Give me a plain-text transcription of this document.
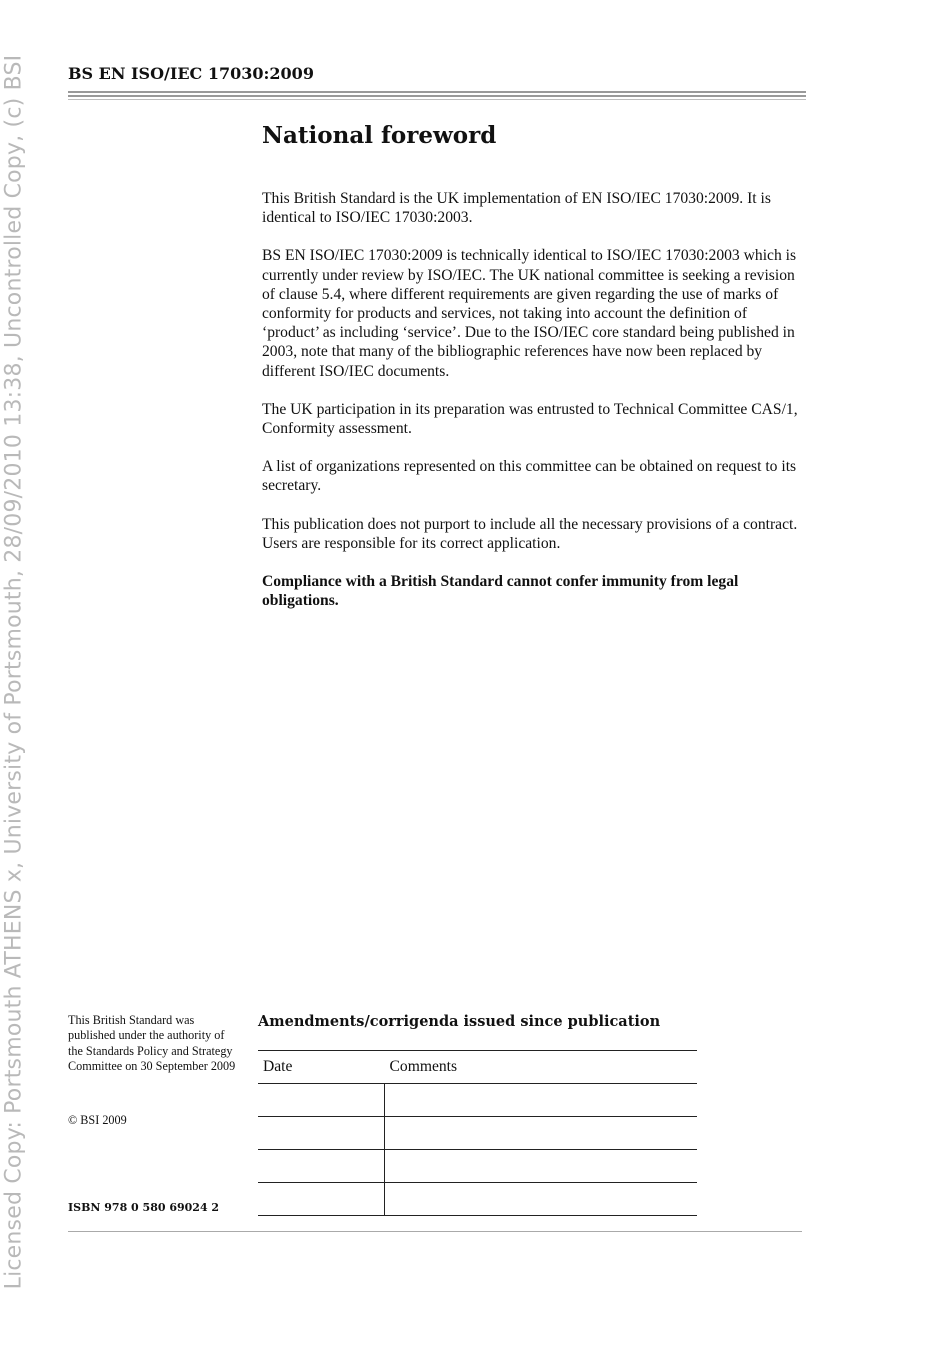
Licensed Copy: Portsmouth ATHENS x, University of Portsmouth, 28/09/2010 13:38, Uncontrolled Copy, (c) BSI	BS EN ISO/IEC 17030:2009
National foreword

This British Standard is the UK implementation of EN ISO/IEC 17030:2009. It is identical to ISO/IEC 17030:2003.

BS EN ISO/IEC 17030:2009 is technically identical to ISO/IEC 17030:2003 which is currently under review by ISO/IEC. The UK national committee is seeking a revision of clause 5.4, where different requirements are given regarding the use of marks of conformity for products and services, not taking into account the definition of ‘product’ as including ‘service’. Due to the ISO/IEC core standard being published in 2003, note that many of the bibliographic references have now been replaced by different ISO/IEC documents.

The UK participation in its preparation was entrusted to Technical Committee CAS/1, Conformity assessment.

A list of organizations represented on this committee can be obtained on request to its secretary.

This publication does not purport to include all the necessary provisions of a contract. Users are responsible for its correct application.

Compliance with a British Standard cannot confer immunity from legal obligations.

This British Standard was published under the authority of the Standards Policy and Strategy Committee on 30 September 2009
© BSI 2009
ISBN 978 0 580 69024 2
Amendments/corrigenda issued since publication
Date	Comments
